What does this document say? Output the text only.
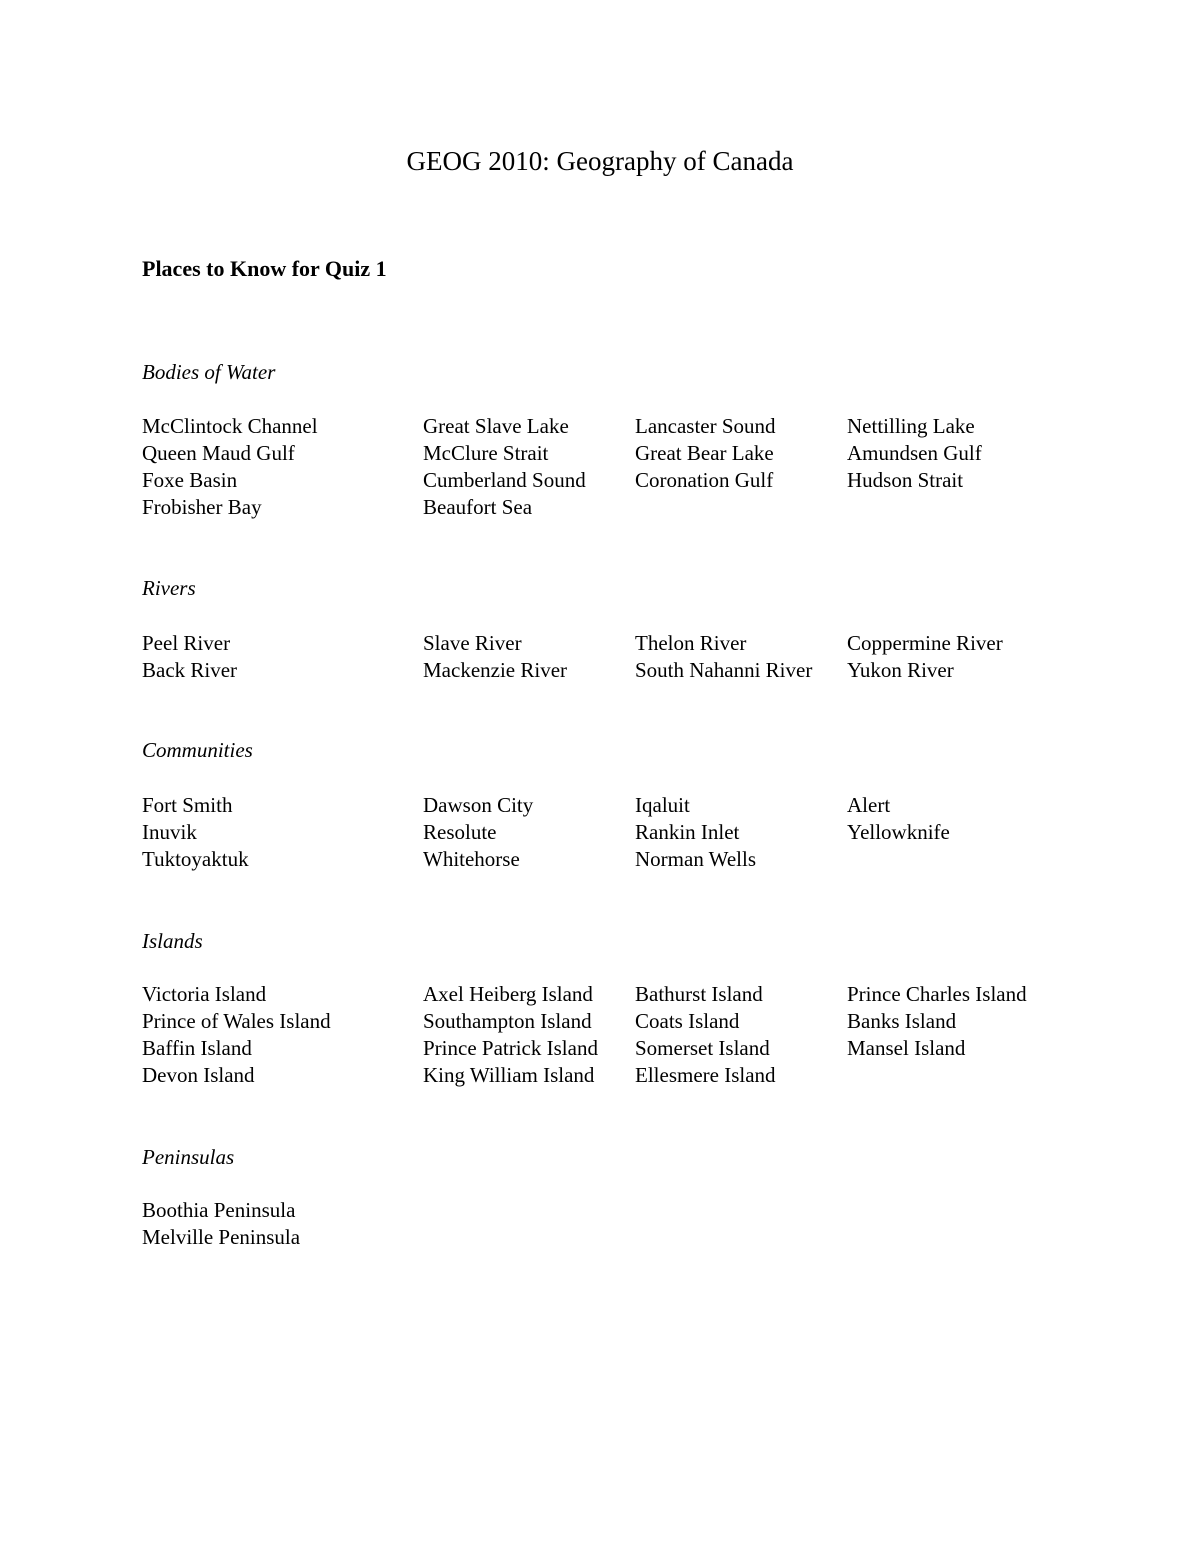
GEOG 2010: Geography of Canada
Places to Know for Quiz 1
Bodies of Water
McClintock Channel	Great Slave Lake	Lancaster Sound	Nettilling Lake
Queen Maud Gulf	McClure Strait	Great Bear Lake	Amundsen Gulf
Foxe Basin	Cumberland Sound	Coronation Gulf	Hudson Strait
Frobisher Bay	Beaufort Sea
Rivers
Peel River	Slave River	Thelon River	Coppermine River
Back River	Mackenzie River	South Nahanni River	Yukon River
Communities
Fort Smith	Dawson City	Iqaluit	Alert
Inuvik	Resolute	Rankin Inlet	Yellowknife
Tuktoyaktuk	Whitehorse	Norman Wells
Islands
Victoria Island	Axel Heiberg Island	Bathurst Island	Prince Charles Island
Prince of Wales Island	Southampton Island	Coats Island	Banks Island
Baffin Island	Prince Patrick Island	Somerset Island	Mansel Island
Devon Island	King William Island	Ellesmere Island
Peninsulas
Boothia Peninsula
Melville Peninsula
